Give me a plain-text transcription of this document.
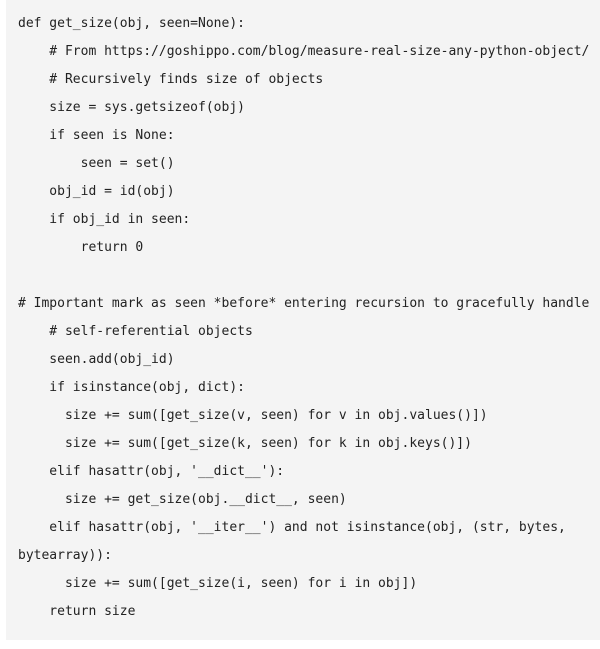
def get_size(obj, seen=None):
# From https://goshippo.com/blog/measure-real-size-any-python-object/
# Recursively finds size of objects
size = sys.getsizeof(obj)
if seen is None:
seen = set()
obj_id = id(obj)
if obj_id in seen:
return 0
# Important mark as seen *before* entering recursion to gracefully handle
# self-referential objects
seen.add(obj_id)
if isinstance(obj, dict):
size += sum([get_size(v, seen) for v in obj.values()])
size += sum([get_size(k, seen) for k in obj.keys()])
elif hasattr(obj, '__dict__'):
size += get_size(obj.__dict__, seen)
elif hasattr(obj, '__iter__') and not isinstance(obj, (str, bytes,
bytearray)):
size += sum([get_size(i, seen) for i in obj])
return size
